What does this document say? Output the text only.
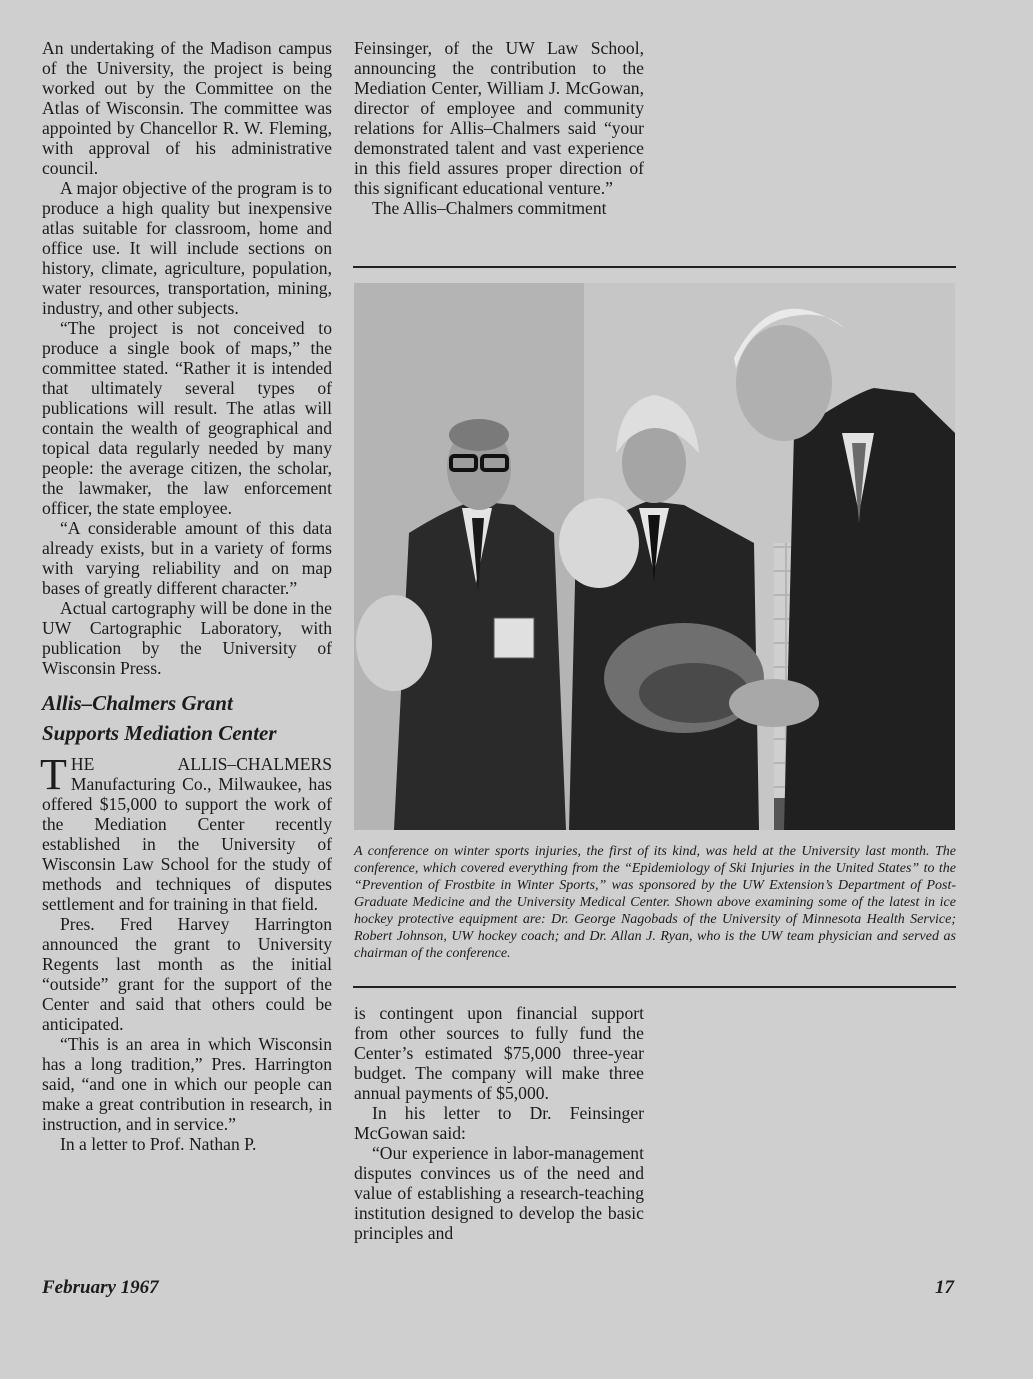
An undertaking of the Madison campus of the University, the project is being worked out by the Committee on the Atlas of Wisconsin. The committee was appointed by Chancellor R. W. Fleming, with approval of his administrative council.

A major objective of the program is to produce a high quality but inexpensive atlas suitable for classroom, home and office use. It will include sections on history, climate, agriculture, population, water resources, transportation, mining, industry, and other subjects.

“The project is not conceived to produce a single book of maps,” the committee stated. “Rather it is intended that ultimately several types of publications will result. The atlas will contain the wealth of geographical and topical data regularly needed by many people: the average citizen, the scholar, the lawmaker, the law enforcement officer, the state employee.

“A considerable amount of this data already exists, but in a variety of forms with varying reliability and on map bases of greatly different character.”

Actual cartography will be done in the UW Cartographic Laboratory, with publication by the University of Wisconsin Press.

Allis–Chalmers Grant
Supports Mediation Center

THE ALLIS–CHALMERS Manufacturing Co., Milwaukee, has offered $15,000 to support the work of the Mediation Center recently established in the University of Wisconsin Law School for the study of methods and techniques of disputes settlement and for training in that field.

Pres. Fred Harvey Harrington announced the grant to University Regents last month as the initial “outside” grant for the support of the Center and said that others could be anticipated.

“This is an area in which Wisconsin has a long tradition,” Pres. Harrington said, “and one in which our people can make a great contribution in research, in instruction, and in service.”

In a letter to Prof. Nathan P.

Feinsinger, of the UW Law School, announcing the contribution to the Mediation Center, William J. McGowan, director of employee and community relations for Allis–Chalmers said “your demonstrated talent and vast experience in this field assures proper direction of this significant educational venture.”

The Allis–Chalmers commitment

A conference on winter sports injuries, the first of its kind, was held at the University last month. The conference, which covered everything from the “Epidemiology of Ski Injuries in the United States” to the “Prevention of Frostbite in Winter Sports,” was sponsored by the UW Extension’s Department of Post-Graduate Medicine and the University Medical Center. Shown above examining some of the latest in ice hockey protective equipment are: Dr. George Nagobads of the University of Minnesota Health Service; Robert Johnson, UW hockey coach; and Dr. Allan J. Ryan, who is the UW team physician and served as chairman of the conference.

is contingent upon financial support from other sources to fully fund the Center’s estimated $75,000 three-year budget. The company will make three annual payments of $5,000.

In his letter to Dr. Feinsinger McGowan said:

“Our experience in labor-management disputes convinces us of the need and value of establishing a research-teaching institution designed to develop the basic principles and

February 1967	17
